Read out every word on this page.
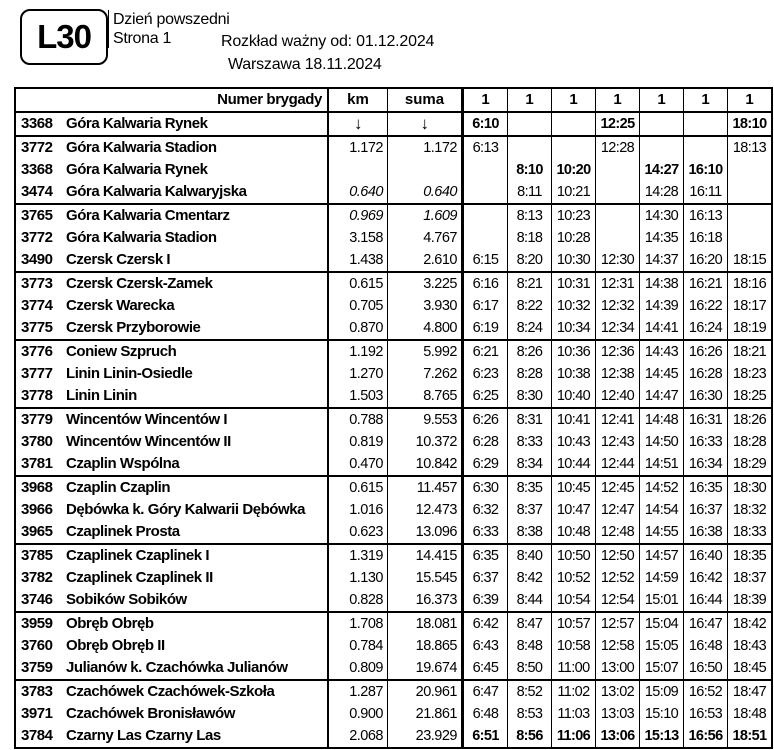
L30	Dzień powszedni
Strona 1	Rozkład ważny od: 01.12.2024
Warszawa 18.11.2024
Numer brygady	km	suma	1	1	1	1	1	1	1
3368 Góra Kalwaria Rynek	↓	↓	6:10			12:25			18:10
3772 Góra Kalwaria Stadion	1.172	1.172	6:13			12:28			18:13
3368 Góra Kalwaria Rynek				8:10	10:20		14:27	16:10	
3474 Góra Kalwaria Kalwaryjska	0.640	0.640		8:11	10:21		14:28	16:11	
3765 Góra Kalwaria Cmentarz	0.969	1.609		8:13	10:23		14:30	16:13	
3772 Góra Kalwaria Stadion	3.158	4.767		8:18	10:28		14:35	16:18	
3490 Czersk Czersk I	1.438	2.610	6:15	8:20	10:30	12:30	14:37	16:20	18:15
3773 Czersk Czersk-Zamek	0.615	3.225	6:16	8:21	10:31	12:31	14:38	16:21	18:16
3774 Czersk Warecka	0.705	3.930	6:17	8:22	10:32	12:32	14:39	16:22	18:17
3775 Czersk Przyborowie	0.870	4.800	6:19	8:24	10:34	12:34	14:41	16:24	18:19
3776 Coniew Szpruch	1.192	5.992	6:21	8:26	10:36	12:36	14:43	16:26	18:21
3777 Linin Linin-Osiedle	1.270	7.262	6:23	8:28	10:38	12:38	14:45	16:28	18:23
3778 Linin Linin	1.503	8.765	6:25	8:30	10:40	12:40	14:47	16:30	18:25
3779 Wincentów Wincentów I	0.788	9.553	6:26	8:31	10:41	12:41	14:48	16:31	18:26
3780 Wincentów Wincentów II	0.819	10.372	6:28	8:33	10:43	12:43	14:50	16:33	18:28
3781 Czaplin Wspólna	0.470	10.842	6:29	8:34	10:44	12:44	14:51	16:34	18:29
3968 Czaplin Czaplin	0.615	11.457	6:30	8:35	10:45	12:45	14:52	16:35	18:30
3966 Dębówka k. Góry Kalwarii Dębówka	1.016	12.473	6:32	8:37	10:47	12:47	14:54	16:37	18:32
3965 Czaplinek Prosta	0.623	13.096	6:33	8:38	10:48	12:48	14:55	16:38	18:33
3785 Czaplinek Czaplinek I	1.319	14.415	6:35	8:40	10:50	12:50	14:57	16:40	18:35
3782 Czaplinek Czaplinek II	1.130	15.545	6:37	8:42	10:52	12:52	14:59	16:42	18:37
3746 Sobików Sobików	0.828	16.373	6:39	8:44	10:54	12:54	15:01	16:44	18:39
3959 Obręb Obręb	1.708	18.081	6:42	8:47	10:57	12:57	15:04	16:47	18:42
3760 Obręb Obręb II	0.784	18.865	6:43	8:48	10:58	12:58	15:05	16:48	18:43
3759 Julianów k. Czachówka Julianów	0.809	19.674	6:45	8:50	11:00	13:00	15:07	16:50	18:45
3783 Czachówek Czachówek-Szkoła	1.287	20.961	6:47	8:52	11:02	13:02	15:09	16:52	18:47
3971 Czachówek Bronisławów	0.900	21.861	6:48	8:53	11:03	13:03	15:10	16:53	18:48
3784 Czarny Las Czarny Las	2.068	23.929	6:51	8:56	11:06	13:06	15:13	16:56	18:51
